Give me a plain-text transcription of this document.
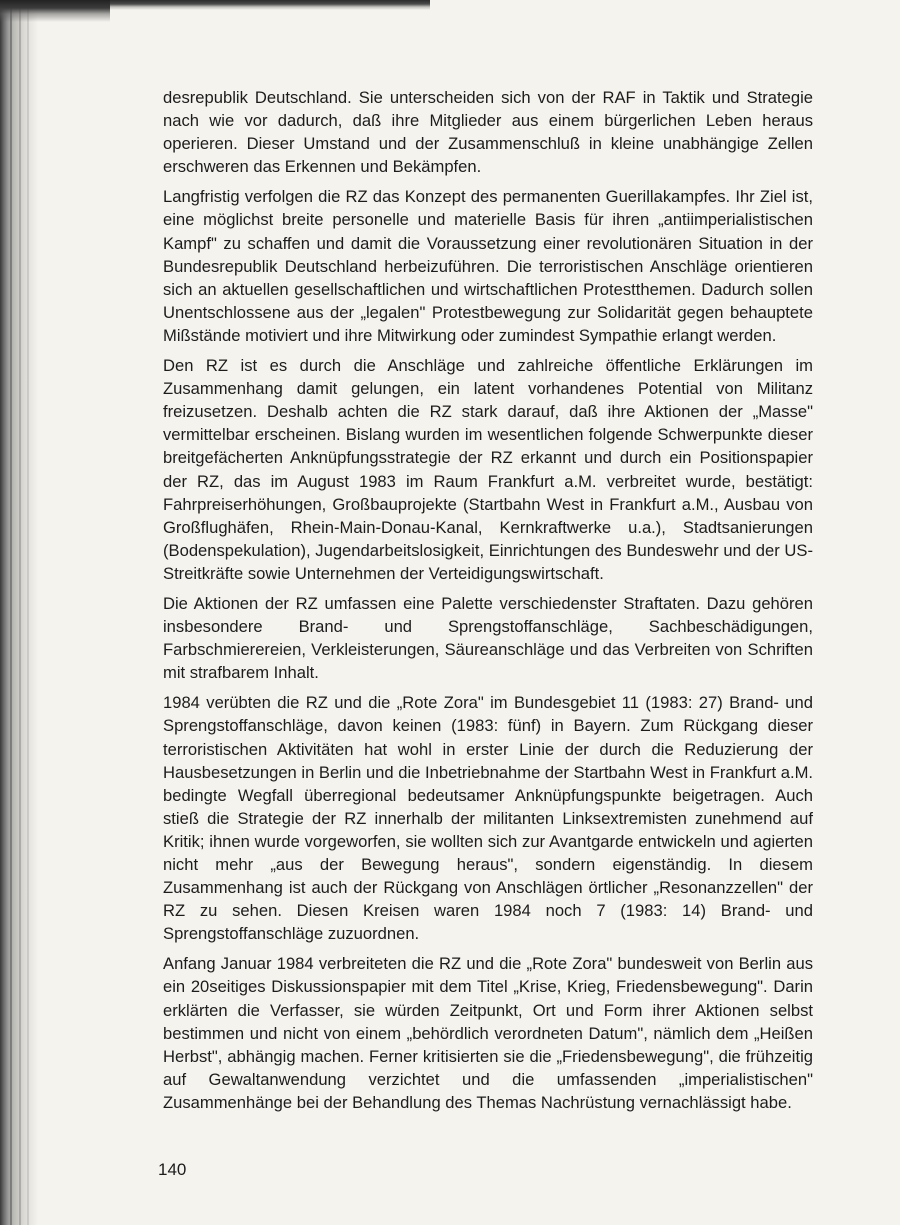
desrepublik Deutschland. Sie unterscheiden sich von der RAF in Taktik und Strategie nach wie vor dadurch, daß ihre Mitglieder aus einem bürgerlichen Leben heraus operieren. Dieser Umstand und der Zusammenschluß in kleine unabhängige Zellen erschweren das Erkennen und Bekämpfen.

Langfristig verfolgen die RZ das Konzept des permanenten Guerillakampfes. Ihr Ziel ist, eine möglichst breite personelle und materielle Basis für ihren „antiimperialistischen Kampf" zu schaffen und damit die Voraussetzung einer revolutionären Situation in der Bundesrepublik Deutschland herbeizuführen. Die terroristischen Anschläge orientieren sich an aktuellen gesellschaftlichen und wirtschaftlichen Protestthemen. Dadurch sollen Unentschlossene aus der „legalen" Protestbewegung zur Solidarität gegen behauptete Mißstände motiviert und ihre Mitwirkung oder zumindest Sympathie erlangt werden.

Den RZ ist es durch die Anschläge und zahlreiche öffentliche Erklärungen im Zusammenhang damit gelungen, ein latent vorhandenes Potential von Militanz freizusetzen. Deshalb achten die RZ stark darauf, daß ihre Aktionen der „Masse" vermittelbar erscheinen. Bislang wurden im wesentlichen folgende Schwerpunkte dieser breitgefächerten Anknüpfungsstrategie der RZ erkannt und durch ein Positionspapier der RZ, das im August 1983 im Raum Frankfurt a.M. verbreitet wurde, bestätigt: Fahrpreiserhöhungen, Großbauprojekte (Startbahn West in Frankfurt a.M., Ausbau von Großflughäfen, Rhein-Main-Donau-Kanal, Kernkraftwerke u.a.), Stadtsanierungen (Bodenspekulation), Jugendarbeitslosigkeit, Einrichtungen des Bundeswehr und der US-Streitkräfte sowie Unternehmen der Verteidigungswirtschaft.

Die Aktionen der RZ umfassen eine Palette verschiedenster Straftaten. Dazu gehören insbesondere Brand- und Sprengstoffanschläge, Sachbeschädigungen, Farbschmierereien, Verkleisterungen, Säureanschläge und das Verbreiten von Schriften mit strafbarem Inhalt.

1984 verübten die RZ und die „Rote Zora" im Bundesgebiet 11 (1983: 27) Brand- und Sprengstoffanschläge, davon keinen (1983: fünf) in Bayern. Zum Rückgang dieser terroristischen Aktivitäten hat wohl in erster Linie der durch die Reduzierung der Hausbesetzungen in Berlin und die Inbetriebnahme der Startbahn West in Frankfurt a.M. bedingte Wegfall überregional bedeutsamer Anknüpfungspunkte beigetragen. Auch stieß die Strategie der RZ innerhalb der militanten Linksextremisten zunehmend auf Kritik; ihnen wurde vorgeworfen, sie wollten sich zur Avantgarde entwickeln und agierten nicht mehr „aus der Bewegung heraus", sondern eigenständig. In diesem Zusammenhang ist auch der Rückgang von Anschlägen örtlicher „Resonanzzellen" der RZ zu sehen. Diesen Kreisen waren 1984 noch 7 (1983: 14) Brand- und Sprengstoffanschläge zuzuordnen.

Anfang Januar 1984 verbreiteten die RZ und die „Rote Zora" bundesweit von Berlin aus ein 20seitiges Diskussionspapier mit dem Titel „Krise, Krieg, Friedensbewegung". Darin erklärten die Verfasser, sie würden Zeitpunkt, Ort und Form ihrer Aktionen selbst bestimmen und nicht von einem „behördlich verordneten Datum", nämlich dem „Heißen Herbst", abhängig machen. Ferner kritisierten sie die „Friedensbewegung", die frühzeitig auf Gewaltanwendung verzichtet und die umfassenden „imperialistischen" Zusammenhänge bei der Behandlung des Themas Nachrüstung vernachlässigt habe.

140
